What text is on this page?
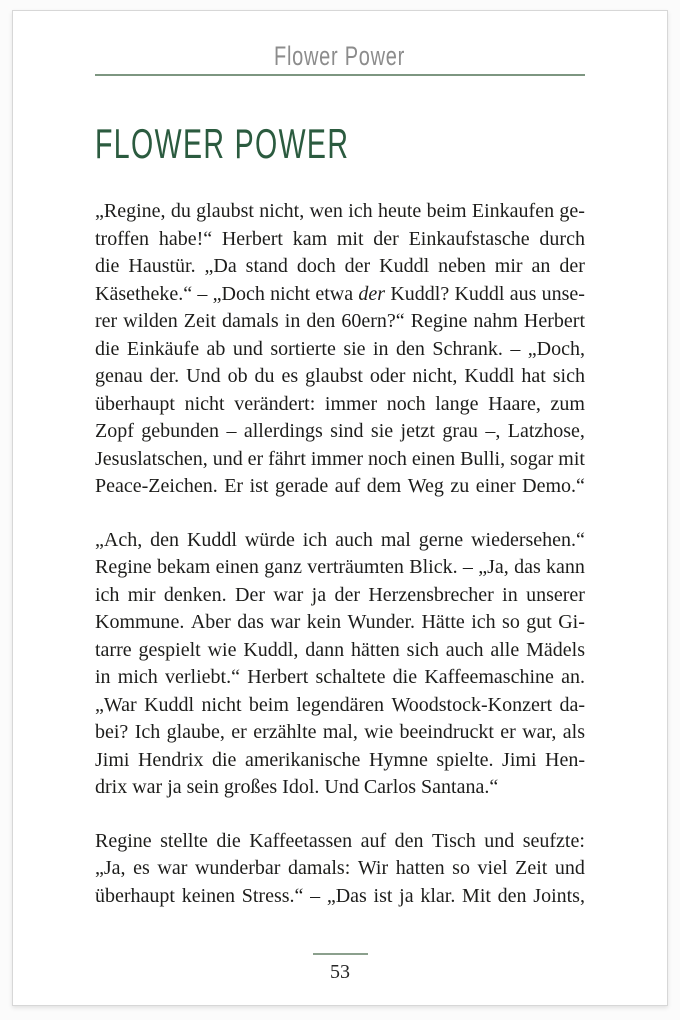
Flower Power
FLOWER POWER
„Regine, du glaubst nicht, wen ich heute beim Einkaufen ge-
troffen habe!“ Herbert kam mit der Einkaufstasche durch
die Haustür. „Da stand doch der Kuddl neben mir an der
Käsetheke.“ – „Doch nicht etwa der Kuddl? Kuddl aus unse-
rer wilden Zeit damals in den 60ern?“ Regine nahm Herbert
die Einkäufe ab und sortierte sie in den Schrank. – „Doch,
genau der. Und ob du es glaubst oder nicht, Kuddl hat sich
überhaupt nicht verändert: immer noch lange Haare, zum
Zopf gebunden – allerdings sind sie jetzt grau –, Latzhose,
Jesuslatschen, und er fährt immer noch einen Bulli, sogar mit
Peace-Zeichen. Er ist gerade auf dem Weg zu einer Demo.“
„Ach, den Kuddl würde ich auch mal gerne wiedersehen.“
Regine bekam einen ganz verträumten Blick. – „Ja, das kann
ich mir denken. Der war ja der Herzensbrecher in unserer
Kommune. Aber das war kein Wunder. Hätte ich so gut Gi-
tarre gespielt wie Kuddl, dann hätten sich auch alle Mädels
in mich verliebt.“ Herbert schaltete die Kaffeemaschine an.
„War Kuddl nicht beim legendären Woodstock-Konzert da-
bei? Ich glaube, er erzählte mal, wie beeindruckt er war, als
Jimi Hendrix die amerikanische Hymne spielte. Jimi Hen-
drix war ja sein großes Idol. Und Carlos Santana.“
Regine stellte die Kaffeetassen auf den Tisch und seufzte:
„Ja, es war wunderbar damals: Wir hatten so viel Zeit und
überhaupt keinen Stress.“ – „Das ist ja klar. Mit den Joints,
53
